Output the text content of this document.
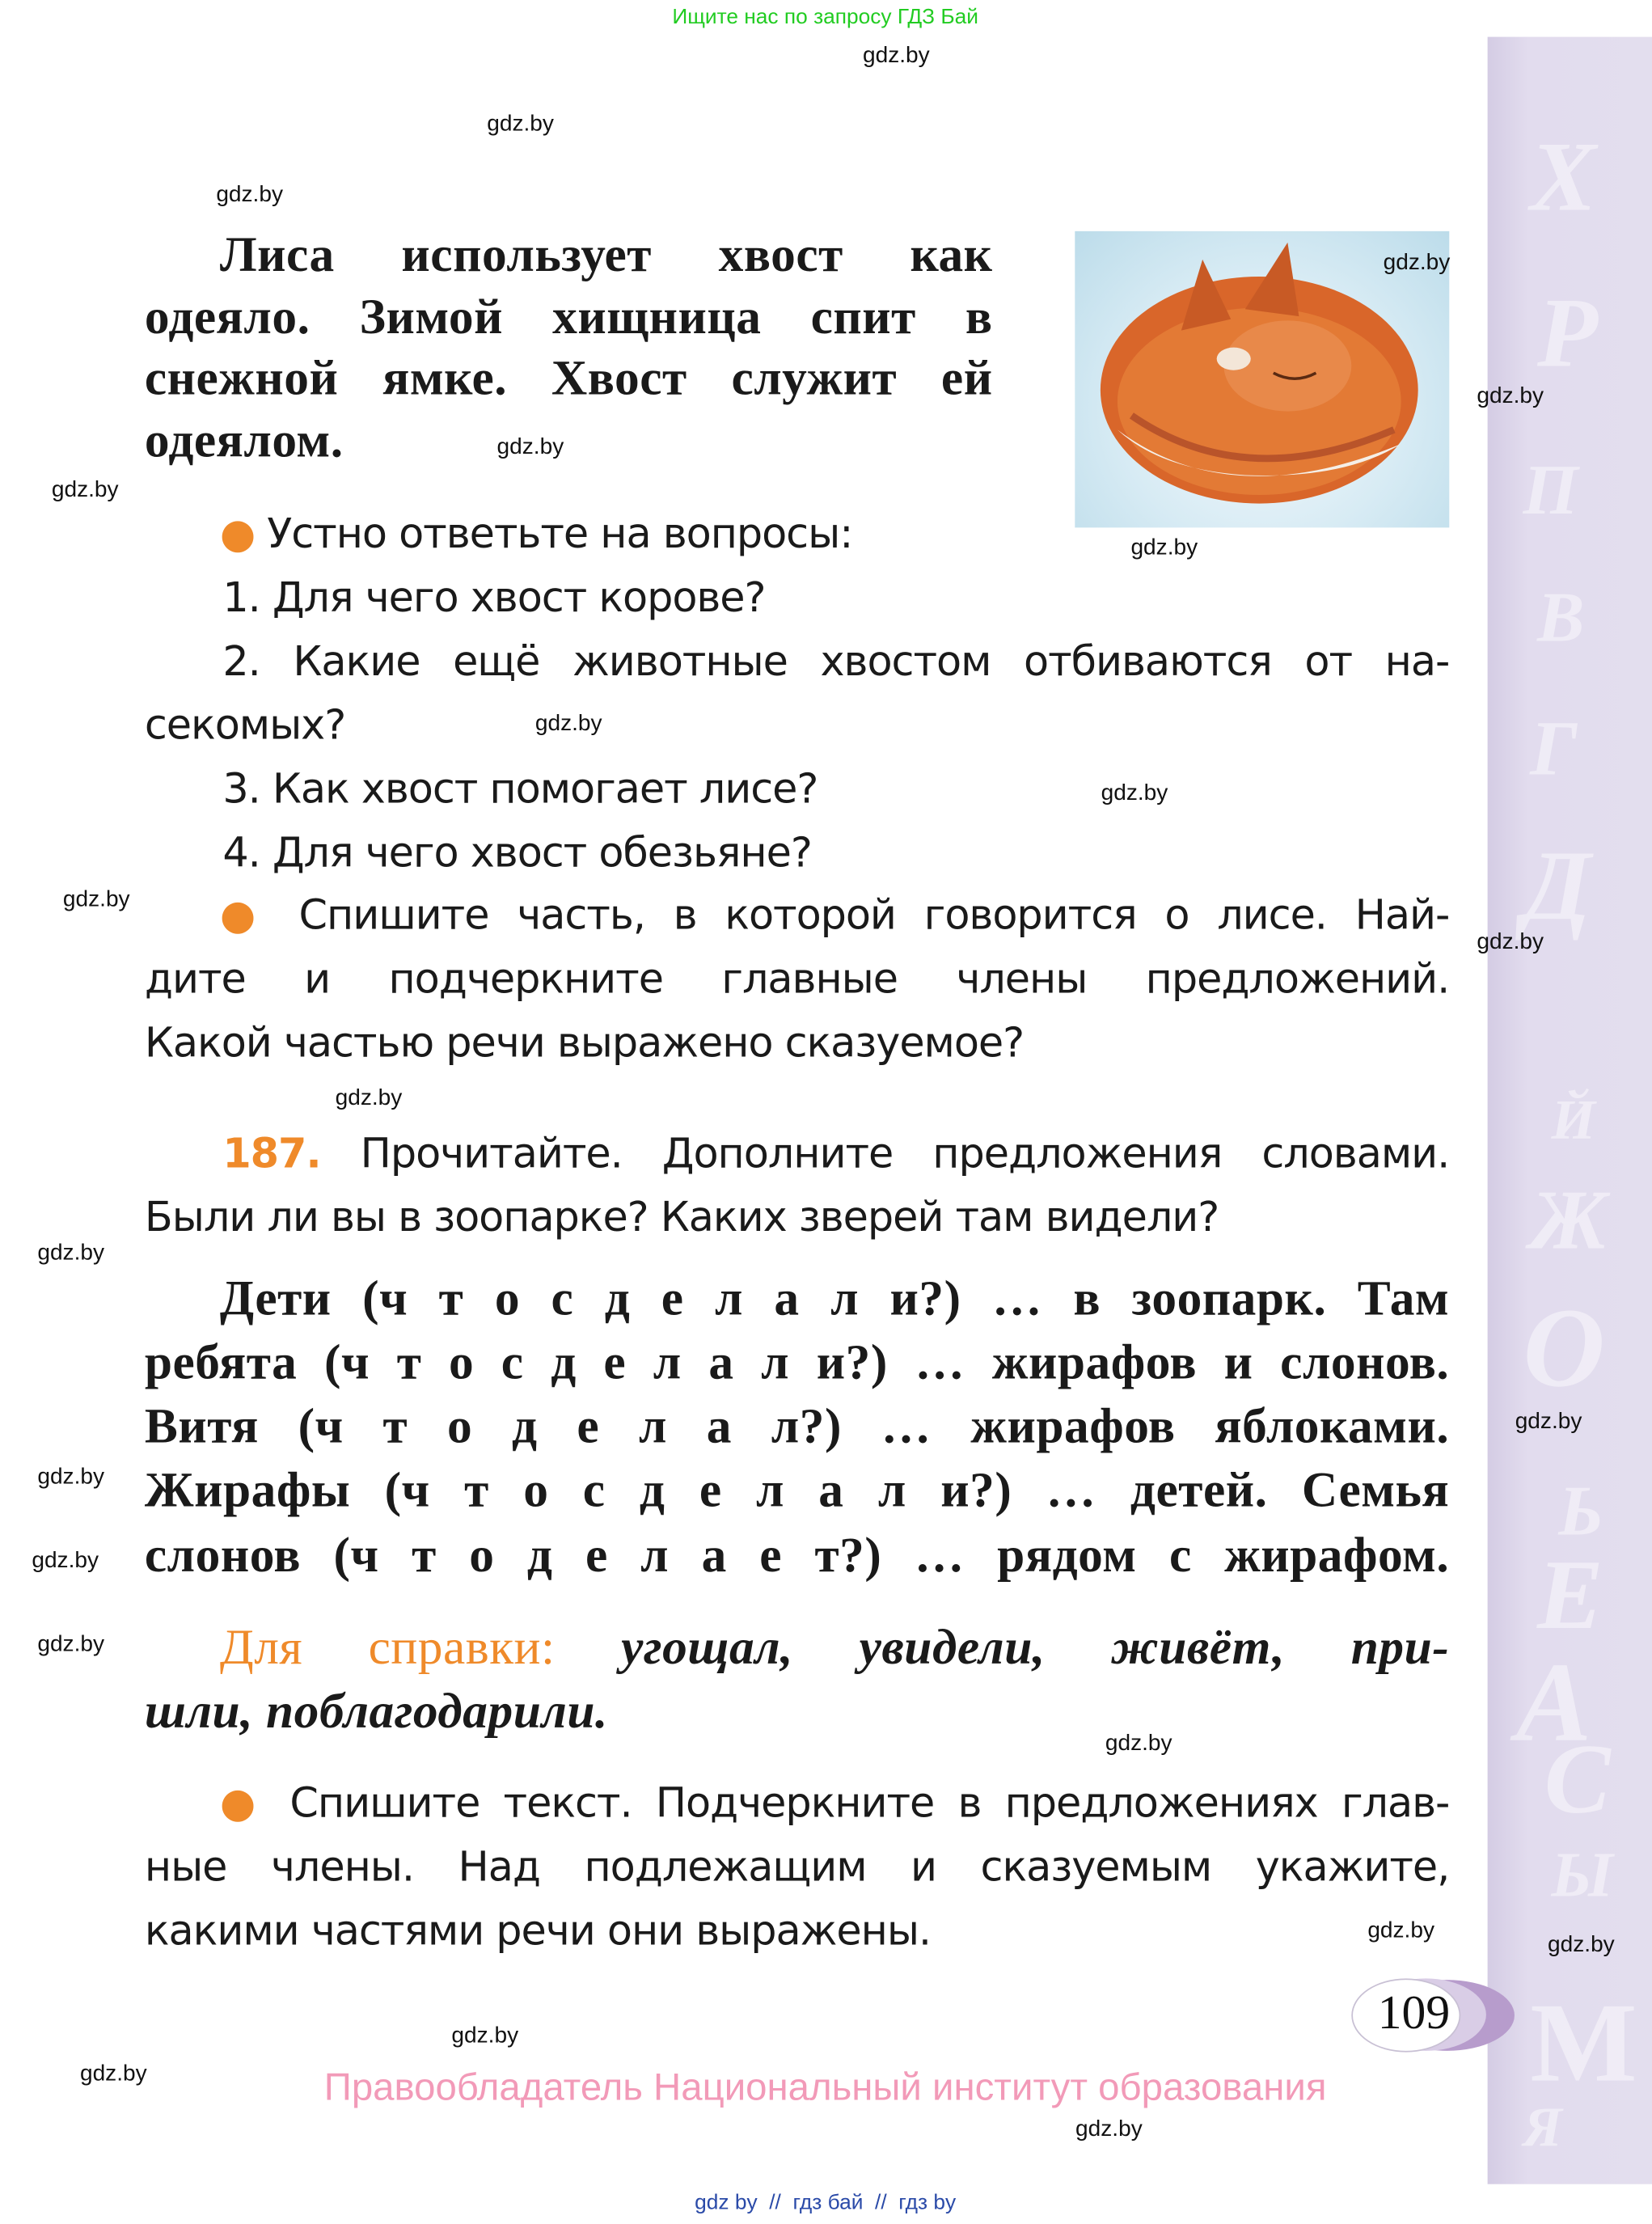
Х
Р
П
В
Г
Д
Й
Ж
О
Ь
Е
А
С
Ы
М
Я
Ищите нас по запросу ГДЗ Бай
Лиса использует хвост как
одеяло. Зимой хищница спит в
снежной ямке. Хвост служит ей
одеялом.
● Устно ответьте на вопросы:
1. Для чего хвост корове?
2. Какие ещё животные хвостом отбиваются от на-
секомых?
3. Как хвост помогает лисе?
4. Для чего хвост обезьяне?
● Спишите часть, в которой говорится о лисе. Най-
дите и подчеркните главные члены предложений.
Какой частью речи выражено сказуемое?
187. Прочитайте. Дополните предложения словами.
Были ли вы в зоопарке? Каких зверей там видели?
Дети (ч т о с д е л а л и?) … в зоопарк. Там
ребята (ч т о с д е л а л и?) … жирафов и слонов.
Витя (ч т о д е л а л?) … жирафов яблоками.
Жирафы (ч т о с д е л а л и?) … детей. Семья
слонов (ч т о д е л а е т?) … рядом с жирафом.
Для справки: угощал, увидели, живёт, при-
шли, поблагодарили.
● Спишите текст. Подчеркните в предложениях глав-
ные члены. Над подлежащим и сказуемым укажите,
какими частями речи они выражены.
109
Правообладатель Национальный институт образования
gdz by  //  гдз бай  //  гдз by
gdz.by
gdz.by
gdz.by
gdz.by
gdz.by
gdz.by
gdz.by
gdz.by
gdz.by
gdz.by
gdz.by
gdz.by
gdz.by
gdz.by
gdz.by
gdz.by
gdz.by
gdz.by
gdz.by
gdz.by
gdz.by
gdz.by
gdz.by
gdz.by
